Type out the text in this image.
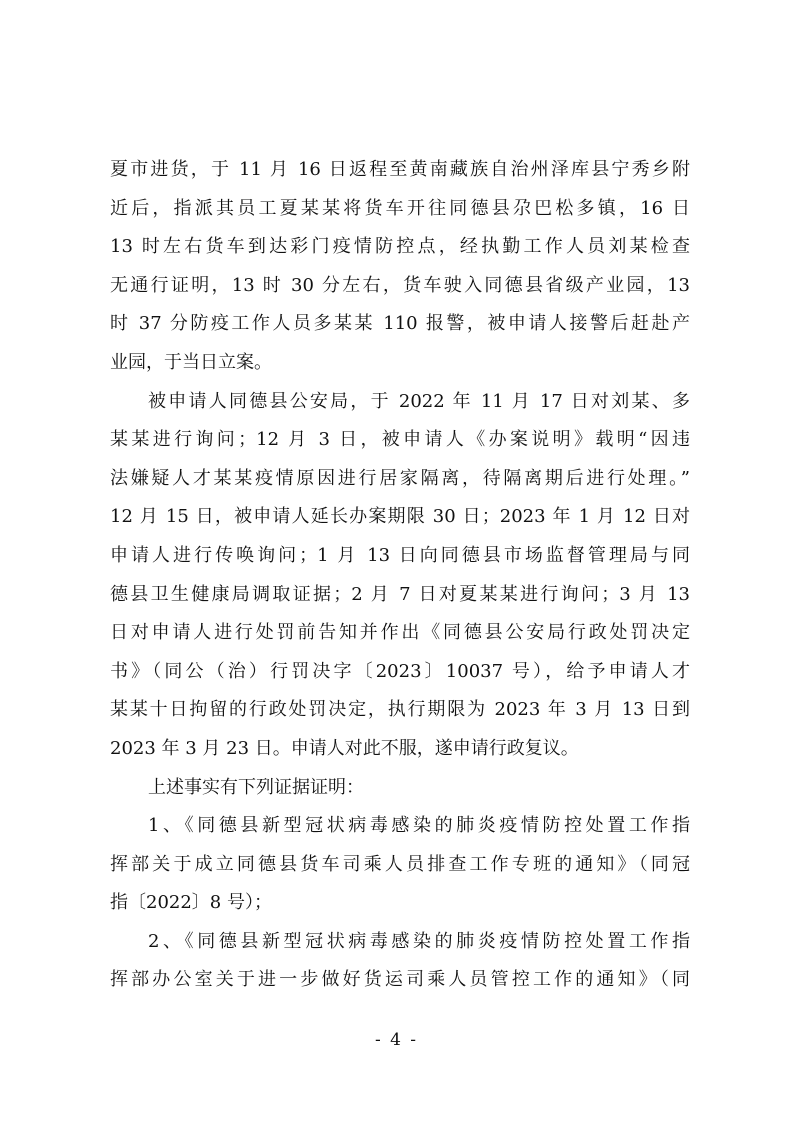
夏市进货，于 11 月 16 日返程至黄南藏族自治州泽库县宁秀乡附
近后，指派其员工夏某某将货车开往同德县尕巴松多镇，16 日
13 时左右货车到达彩门疫情防控点，经执勤工作人员刘某检查
无通行证明，13 时 30 分左右，货车驶入同德县省级产业园，13
时 37 分防疫工作人员多某某 110 报警，被申请人接警后赶赴产
业园，于当日立案。
被申请人同德县公安局，于 2022 年 11 月 17 日对刘某、多
某某进行询问；12 月 3 日，被申请人《办案说明》载明“因违
法嫌疑人才某某疫情原因进行居家隔离，待隔离期后进行处理。”
12 月 15 日，被申请人延长办案期限 30 日；2023 年 1 月 12 日对
申请人进行传唤询问；1 月 13 日向同德县市场监督管理局与同
德县卫生健康局调取证据；2 月 7 日对夏某某进行询问；3 月 13
日对申请人进行处罚前告知并作出《同德县公安局行政处罚决定
书》（同公（治）行罚决字〔2023〕10037 号），给予申请人才
某某十日拘留的行政处罚决定，执行期限为 2023 年 3 月 13 日到
2023 年 3 月 23 日。申请人对此不服，遂申请行政复议。
上述事实有下列证据证明：
1、《同德县新型冠状病毒感染的肺炎疫情防控处置工作指
挥部关于成立同德县货车司乘人员排查工作专班的通知》（同冠
指〔2022〕8 号）；
2、《同德县新型冠状病毒感染的肺炎疫情防控处置工作指
挥部办公室关于进一步做好货运司乘人员管控工作的通知》（同
- 4 -
